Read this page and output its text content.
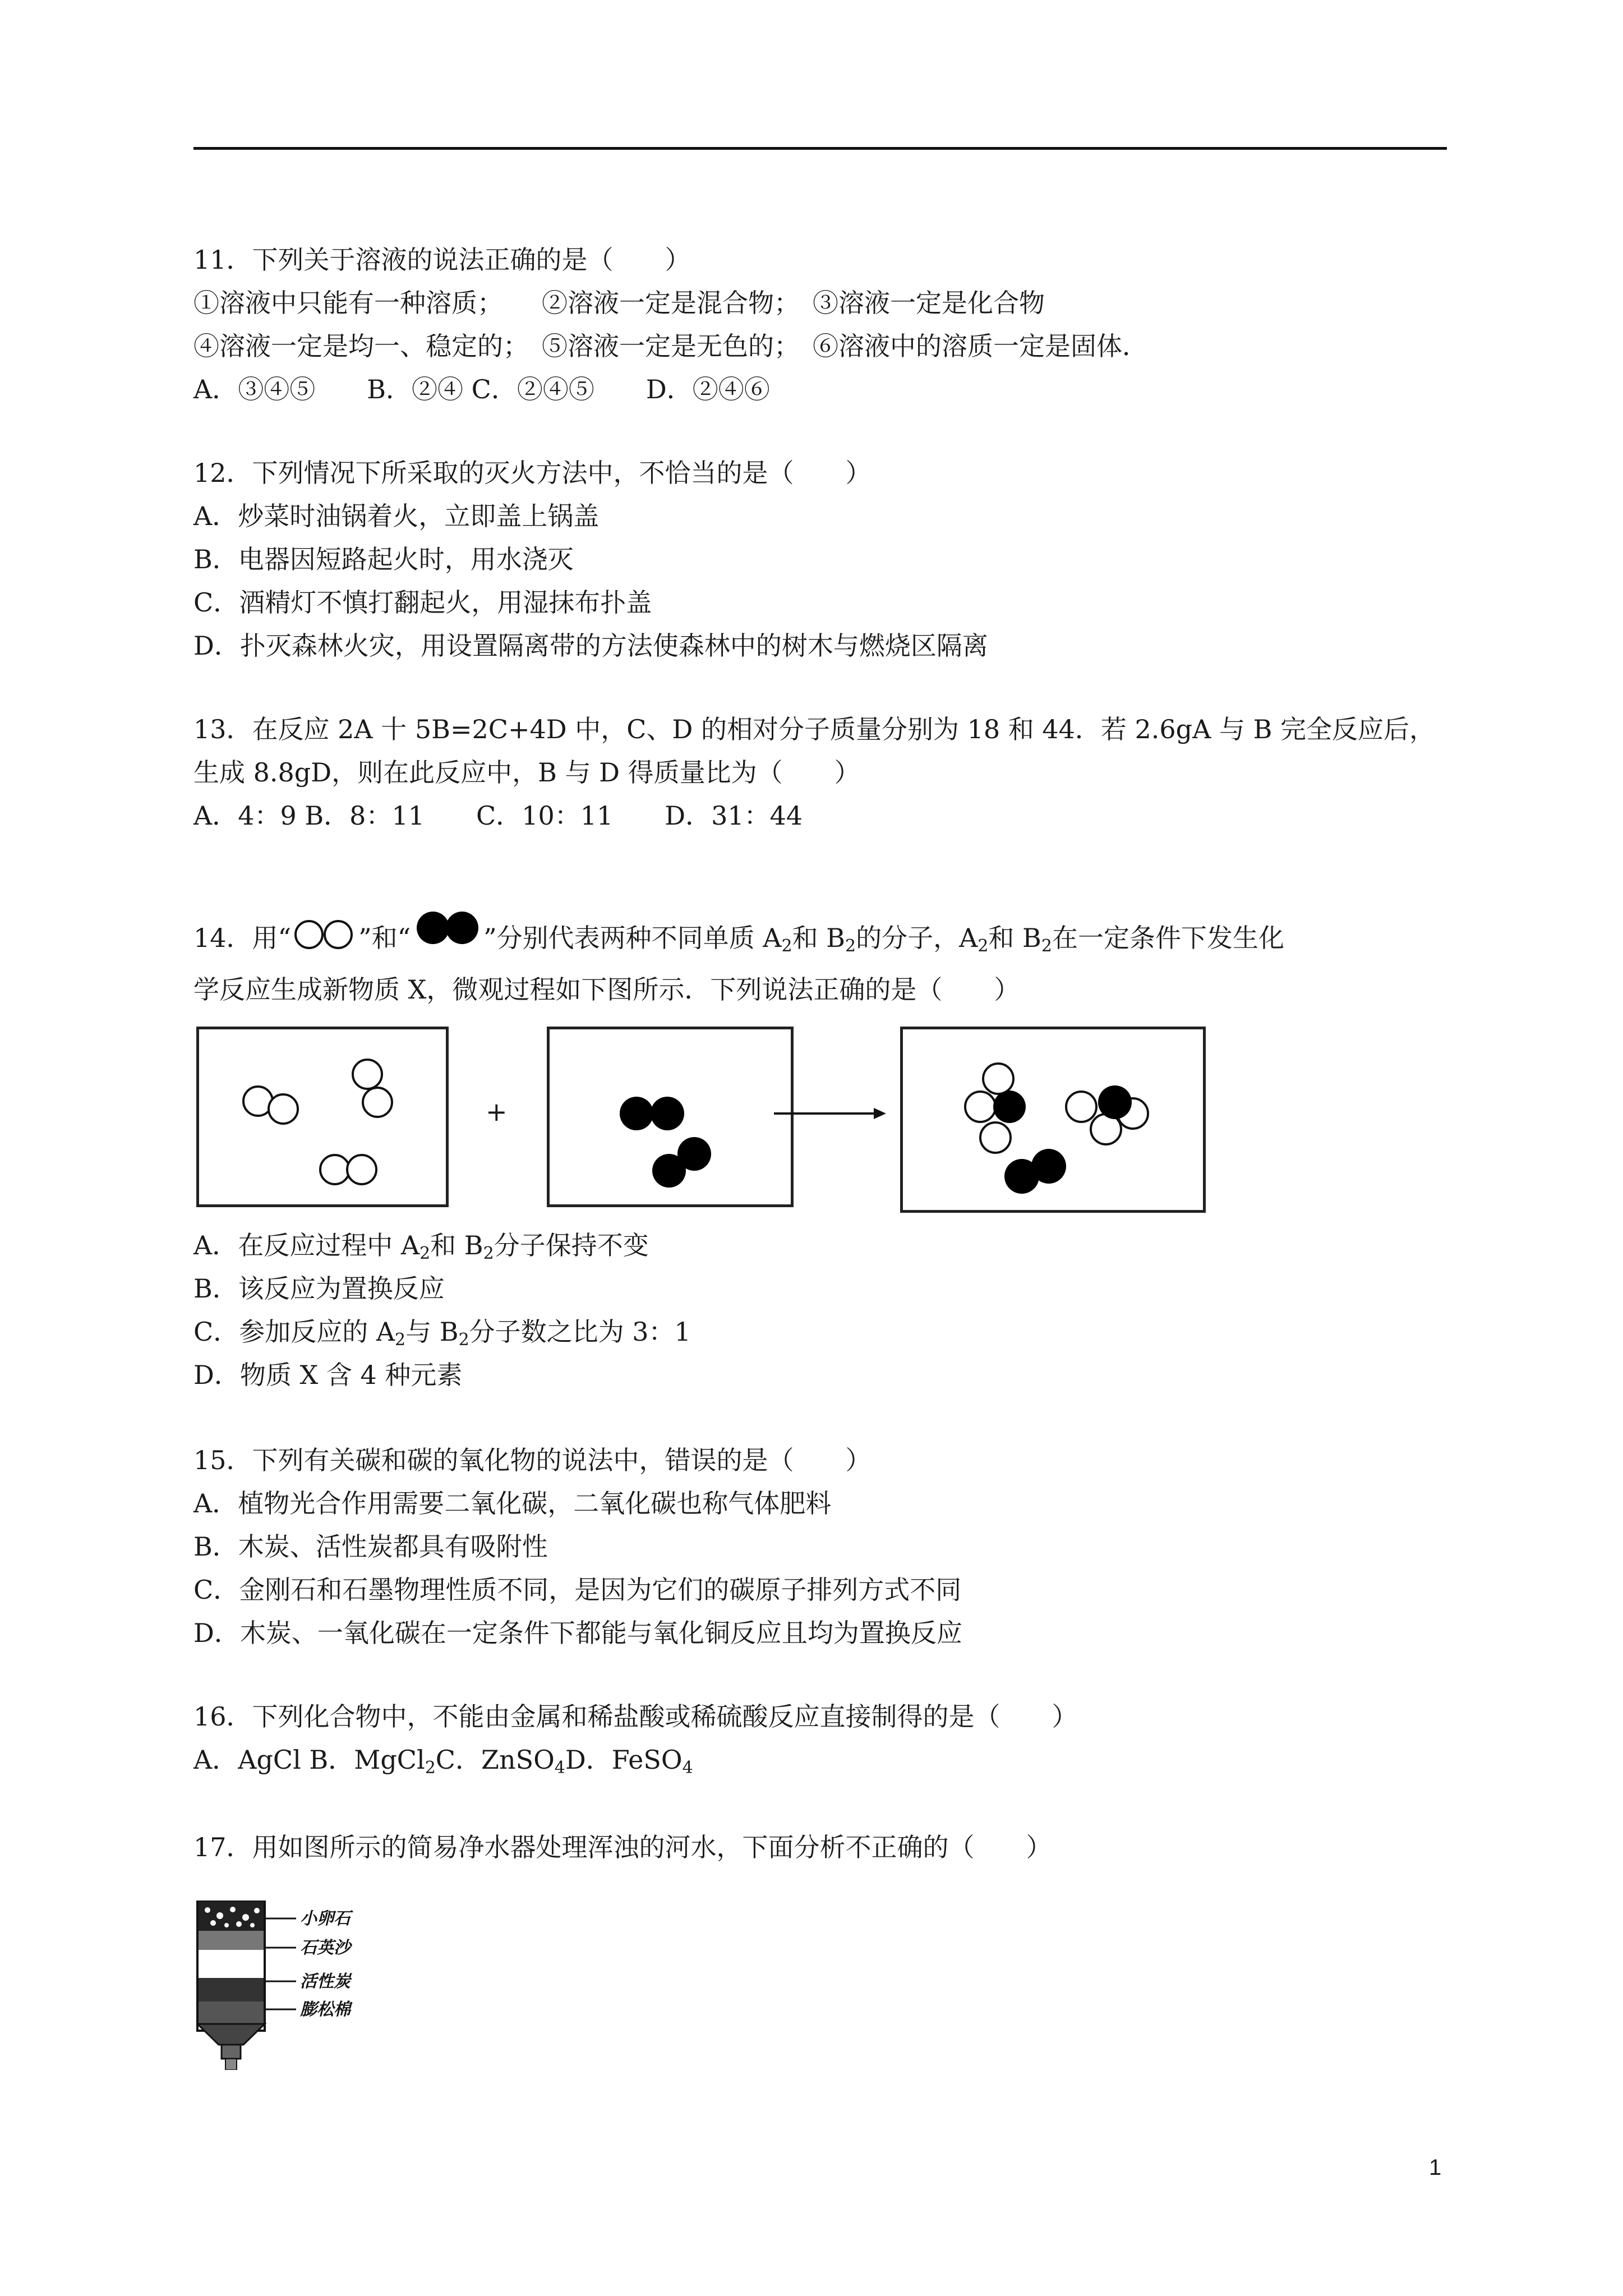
11．下列关于溶液的说法正确的是（　　）
①溶液中只能有一种溶质；　　②溶液一定是混合物；　③溶液一定是化合物
④溶液一定是均一、稳定的；　⑤溶液一定是无色的；　⑥溶液中的溶质一定是固体．
A．③④⑤　　B．②④ C．②④⑤　　D．②④⑥
12．下列情况下所采取的灭火方法中，不恰当的是（　　）
A．炒菜时油锅着火，立即盖上锅盖
B．电器因短路起火时，用水浇灭
C．酒精灯不慎打翻起火，用湿抹布扑盖
D．扑灭森林火灾，用设置隔离带的方法使森林中的树木与燃烧区隔离
13．在反应 2A 十 5B=2C+4D 中，C、D 的相对分子质量分别为 18 和 44．若 2.6gA 与 B 完全反应后，
生成 8.8gD，则在此反应中，B 与 D 得质量比为（　　）
A．4：9 B．8：11　　C．10：11　　D．31：44
14．用“	”和“	”分别代表两种不同单质 $A_2$和 $B_2$的分子，$A_2$和 $B_2$在一定条件下发生化
学反应生成新物质 X，微观过程如下图所示．下列说法正确的是（　　）
+
A．在反应过程中 $A_2$和 $B_2$分子保持不变
B．该反应为置换反应
C．参加反应的 $A_2$与 $B_2$分子数之比为 3：1
D．物质 X 含 4 种元素
15．下列有关碳和碳的氧化物的说法中，错误的是（　　）
A．植物光合作用需要二氧化碳，二氧化碳也称气体肥料
B．木炭、活性炭都具有吸附性
C．金刚石和石墨物理性质不同，是因为它们的碳原子排列方式不同
D．木炭、一氧化碳在一定条件下都能与氧化铜反应且均为置换反应
16．下列化合物中，不能由金属和稀盐酸或稀硫酸反应直接制得的是（　　）
A．AgCl B．MgCl$_2$C．ZnSO$_4$D．FeSO$_4$
17．用如图所示的简易净水器处理浑浊的河水，下面分析不正确的（　　）
小卵石
石英沙
活性炭
膨松棉
1
